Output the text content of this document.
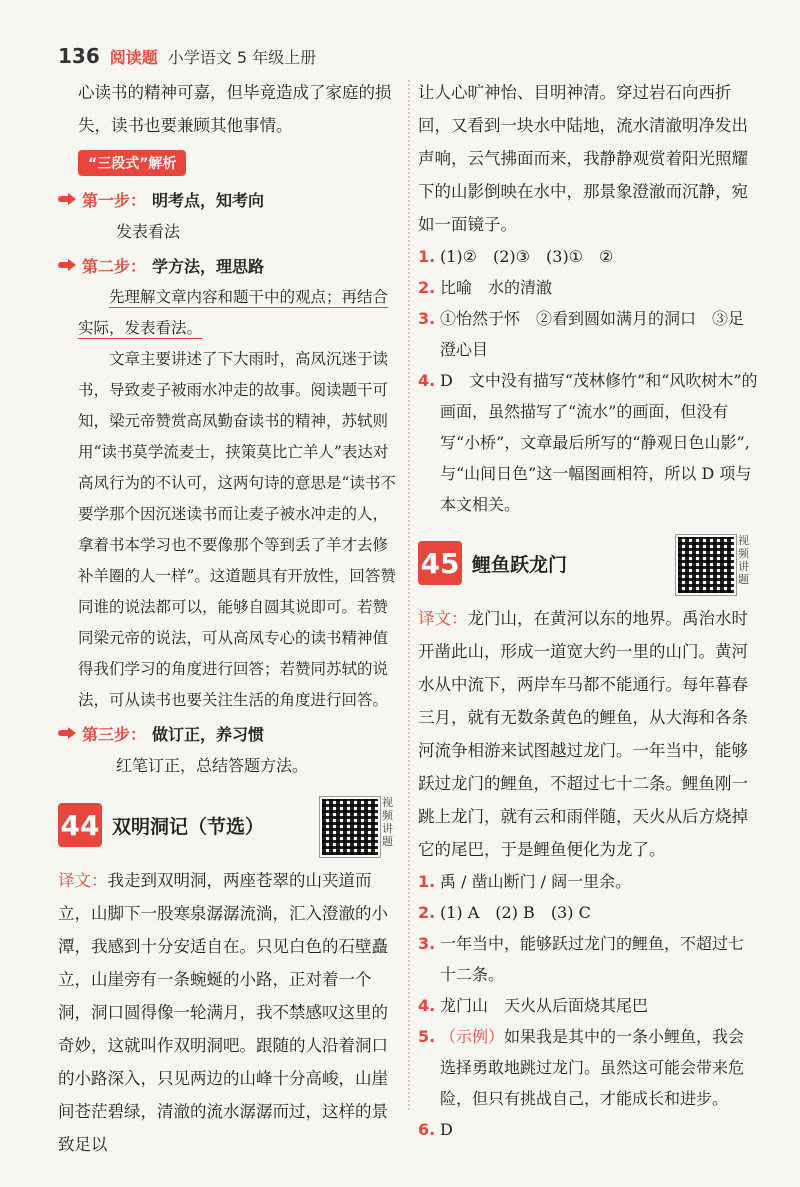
136 阅读题 小学语文 5 年级上册

心读书的精神可嘉，但毕竟造成了家庭的损失，读书也要兼顾其他事情。

“三段式”解析
第一步： 明考点，知考向

发表看法

第二步： 学方法，理思路

先理解文章内容和题干中的观点；再结合实际，发表看法。

文章主要讲述了下大雨时，高凤沉迷于读书，导致麦子被雨水冲走的故事。阅读题干可知，梁元帝赞赏高凤勤奋读书的精神，苏轼则用“读书莫学流麦士，挟策莫比亡羊人”表达对高凤行为的不认可，这两句诗的意思是“读书不要学那个因沉迷读书而让麦子被水冲走的人，拿着书本学习也不要像那个等到丢了羊才去修补羊圈的人一样”。这道题具有开放性，回答赞同谁的说法都可以，能够自圆其说即可。若赞同梁元帝的说法，可从高凤专心的读书精神值得我们学习的角度进行回答；若赞同苏轼的说法，可从读书也要关注生活的角度进行回答。

第三步： 做订正，养习惯

红笔订正，总结答题方法。

44 双明洞记（节选）
视频讲题

译文：我走到双明洞，两座苍翠的山夹道而立，山脚下一股寒泉潺潺流淌，汇入澄澈的小潭，我感到十分安适自在。只见白色的石壁矗立，山崖旁有一条蜿蜒的小路，正对着一个洞，洞口圆得像一轮满月，我不禁感叹这里的奇妙，这就叫作双明洞吧。跟随的人沿着洞口的小路深入，只见两边的山峰十分高峻，山崖间苍茫碧绿，清澈的流水潺潺而过，这样的景致足以

让人心旷神怡、目明神清。穿过岩石向西折回，又看到一块水中陆地，流水清澈明净发出声响，云气拂面而来，我静静观赏着阳光照耀下的山影倒映在水中，那景象澄澈而沉静，宛如一面镜子。

1. (1)②　(2)③　(3)①　②
2. 比喻　水的清澈
3. ①怡然于怀　②看到圆如满月的洞口　③足澄心目
4. D　文中没有描写“茂林修竹”和“风吹树木”的画面，虽然描写了“流水”的画面，但没有写“小桥”，文章最后所写的“静观日色山影”,与“山间日色”这一幅图画相符，所以 D 项与本文相关。
45 鲤鱼跃龙门
视频讲题

译文：龙门山，在黄河以东的地界。禹治水时开凿此山，形成一道宽大约一里的山门。黄河水从中流下，两岸车马都不能通行。每年暮春三月，就有无数条黄色的鲤鱼，从大海和各条河流争相游来试图越过龙门。一年当中，能够跃过龙门的鲤鱼，不超过七十二条。鲤鱼刚一跳上龙门，就有云和雨伴随，天火从后方烧掉它的尾巴，于是鲤鱼便化为龙了。

1. 禹 / 凿山断门 / 阔一里余。
2. (1) A　(2) B　(3) C
3. 一年当中，能够跃过龙门的鲤鱼，不超过七十二条。
4. 龙门山　天火从后面烧其尾巴
5. （示例）如果我是其中的一条小鲤鱼，我会选择勇敢地跳过龙门。虽然这可能会带来危险，但只有挑战自己，才能成长和进步。
6. D
